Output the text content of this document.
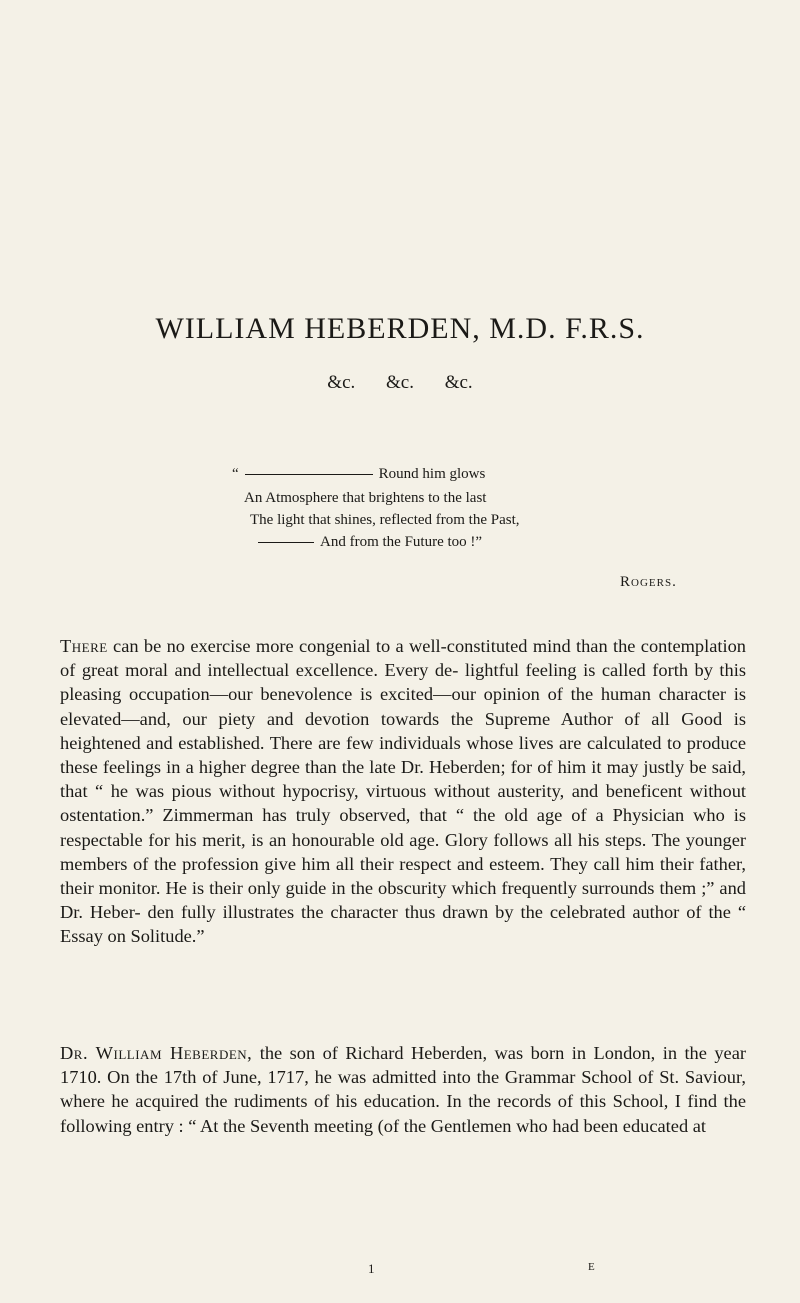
WILLIAM HEBERDEN, M.D. F.R.S.
&c. &c. &c.
“	Round him glows
An Atmosphere that brightens to the last
The light that shines, reflected from the Past,
And from the Future too !”
Rogers.

There can be no exercise more congenial to a well-constituted mind than the contemplation of great moral and intellectual excellence. Every de- lightful feeling is called forth by this pleasing occupation—our benevolence is excited—our opinion of the human character is elevated—and, our piety and devotion towards the Supreme Author of all Good is heightened and established. There are few individuals whose lives are calculated to produce these feelings in a higher degree than the late Dr. Heberden; for of him it may justly be said, that “ he was pious without hypocrisy, virtuous without austerity, and beneficent without ostentation.” Zimmerman has truly observed, that “ the old age of a Physician who is respectable for his merit, is an honourable old age. Glory follows all his steps. The younger members of the profession give him all their respect and esteem. They call him their father, their monitor. He is their only guide in the obscurity which frequently surrounds them ;” and Dr. Heber- den fully illustrates the character thus drawn by the celebrated author of the “ Essay on Solitude.”

Dr. William Heberden, the son of Richard Heberden, was born in London, in the year 1710. On the 17th of June, 1717, he was admitted into the Grammar School of St. Saviour, where he acquired the rudiments of his education. In the records of this School, I find the following entry : “ At the Seventh meeting (of the Gentlemen who had been educated at

1	E
